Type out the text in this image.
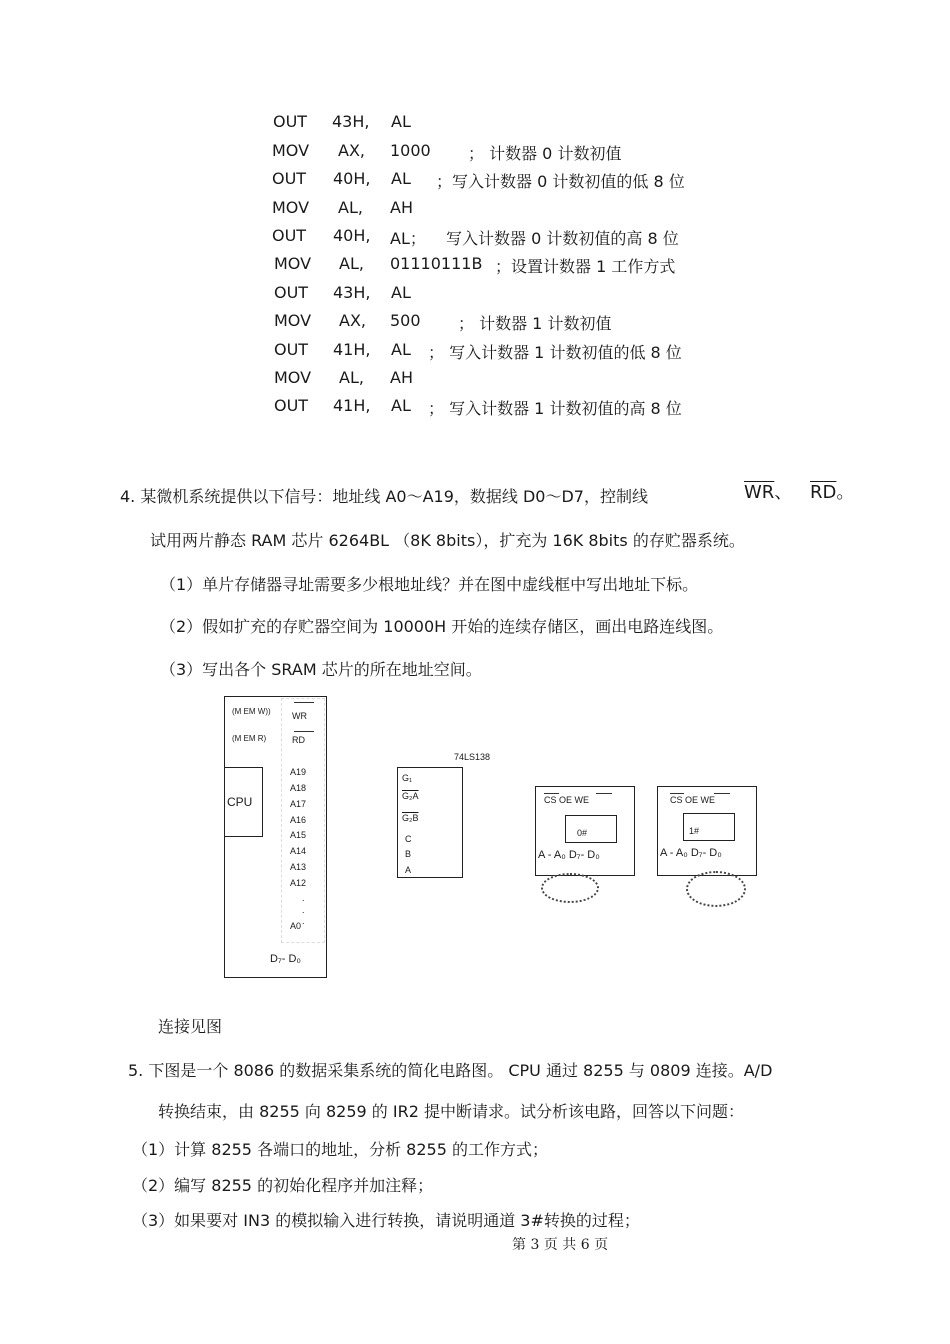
OUT 43H, AL
MOV AX, 1000 ； 计数器 0 计数初值
OUT 40H, AL ；写入计数器 0 计数初值的低 8 位
MOV AL, AH
OUT 40H, AL； 写入计数器 0 计数初值的高 8 位
MOV AL, 01110111B ；设置计数器 1 工作方式
OUT 43H, AL
MOV AX, 500 ； 计数器 1 计数初值
OUT 41H, AL ； 写入计数器 1 计数初值的低 8 位
MOV AL, AH
OUT 41H, AL ； 写入计数器 1 计数初值的高 8 位
4. 某微机系统提供以下信号：地址线 A0～A19，数据线 D0～D7，控制线	$\overline{WR}$、 $\overline{RD}$。
试用两片静态 RAM 芯片 6264BL （8K 8bits），扩充为 16K 8bits 的存贮器系统。
（1）单片存储器寻址需要多少根地址线？并在图中虚线框中写出地址下标。
（2）假如扩充的存贮器空间为 10000H 开始的连续存储区，画出电路连线图。
（3）写出各个 SRAM 芯片的所在地址空间。
CPU
(M EM W))
(M EM R)
WR
RD
A19
A18
A17
A16
A15
A14
A13
A12
.
.
.
A0
D₇- D₀
74LS138
G₁
G₂A
G₂B
C
B
A
CS OE WE
0#
A - A₀ D₇- D₀
CS OE WE
1#
A - A₀ D₇- D₀
连接见图
5. 下图是一个 8086 的数据采集系统的简化电路图。 CPU 通过 8255 与 0809 连接。A/D
转换结束，由 8255 向 8259 的 IR2 提中断请求。试分析该电路，回答以下问题：
（1）计算 8255 各端口的地址，分析 8255 的工作方式；
（2）编写 8255 的初始化程序并加注释；
（3）如果要对 IN3 的模拟输入进行转换，请说明通道 3#转换的过程；
第 3 页 共 6 页
